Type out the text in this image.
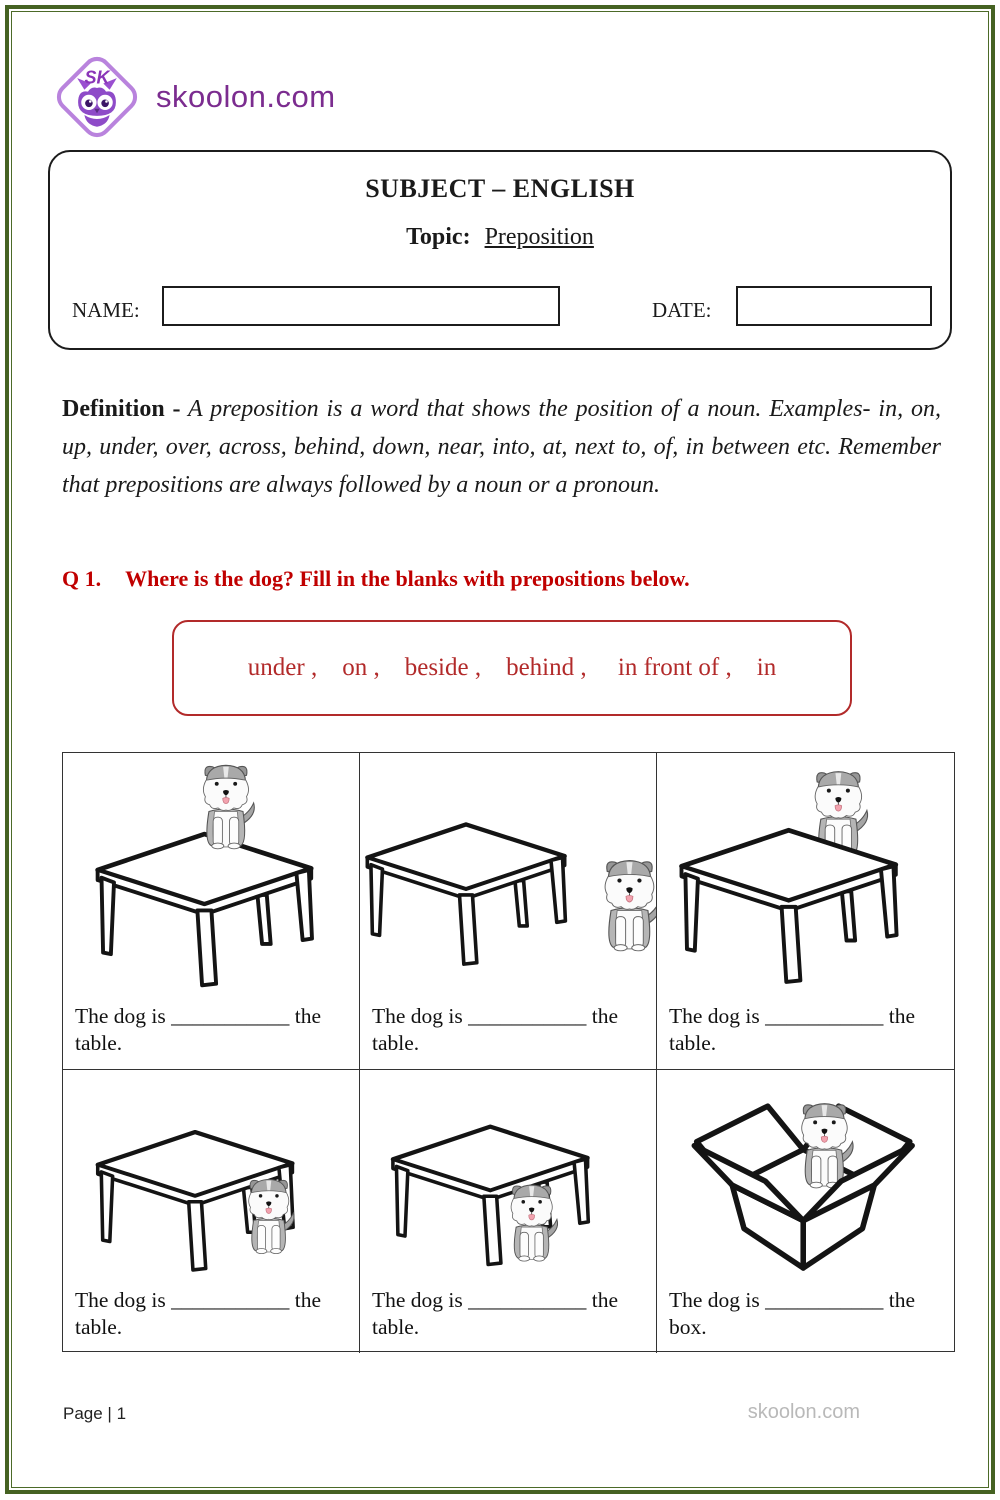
SK
skoolon.com
SUBJECT – ENGLISH
Topic: Preposition
NAME:	DATE:
Definition - A preposition is a word that shows the position of a noun. Examples- in, on, up, under, over, across, behind, down, near, into, at, next to, of, in between etc. Remember that prepositions are always followed by a noun or a pronoun.
Q 1. Where is the dog? Fill in the blanks with prepositions below.
under ,    on ,    beside ,    behind ,     in front of ,    in
The dog is ___________ the table.
The dog is ___________ the table.
The dog is ___________ the table.
The dog is ___________ the table.
The dog is ___________ the table.
The dog is ___________ the box.
Page | 1	skoolon.com
